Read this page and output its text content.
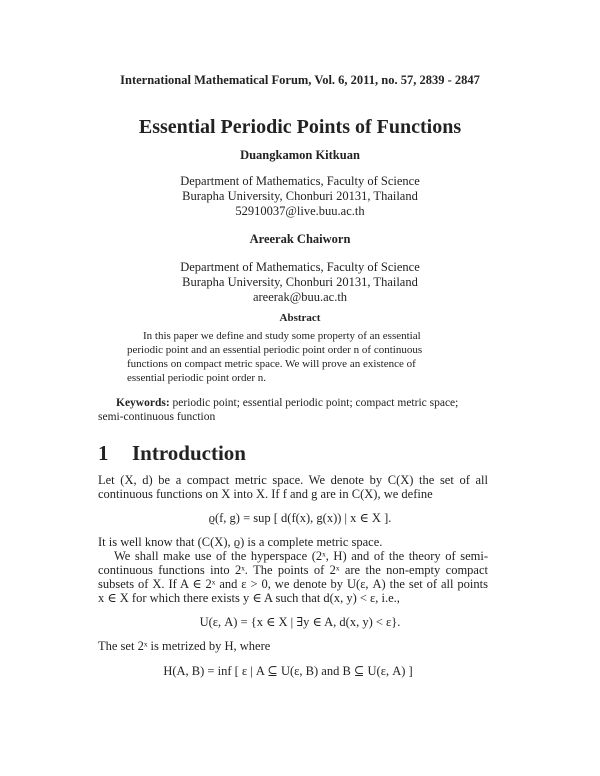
International Mathematical Forum, Vol. 6, 2011, no. 57, 2839 - 2847
Essential Periodic Points of Functions
Duangkamon Kitkuan
Department of Mathematics, Faculty of Science
Burapha University, Chonburi 20131, Thailand
52910037@live.buu.ac.th
Areerak Chaiworn
Department of Mathematics, Faculty of Science
Burapha University, Chonburi 20131, Thailand
areerak@buu.ac.th
Abstract
In this paper we define and study some property of an essential
periodic point and an essential periodic point order n of continuous
functions on compact metric space. We will prove an existence of
essential periodic point order n.
Keywords: periodic point; essential periodic point; compact metric space;
semi-continuous function
1 Introduction
Let (X, d) be a compact metric space. We denote by C(X) the set of all
continuous functions on X into X. If f and g are in C(X), we define
ϱ(f, g) = sup [ d(f(x), g(x)) | x ∈ X ].
It is well know that (C(X), ϱ) is a complete metric space.
We shall make use of the hyperspace (2ˣ, H) and of the theory of semi-
continuous functions into 2ˣ. The points of 2ˣ are the non-empty compact
subsets of X. If A ∈ 2ˣ and ε > 0, we denote by U(ε, A) the set of all points
x ∈ X for which there exists y ∈ A such that d(x, y) < ε, i.e.,
U(ε, A) = {x ∈ X | ∃y ∈ A, d(x, y) < ε}.
The set 2ˣ is metrized by H, where
H(A, B) = inf [ ε | A ⊆ U(ε, B) and B ⊆ U(ε, A) ]
